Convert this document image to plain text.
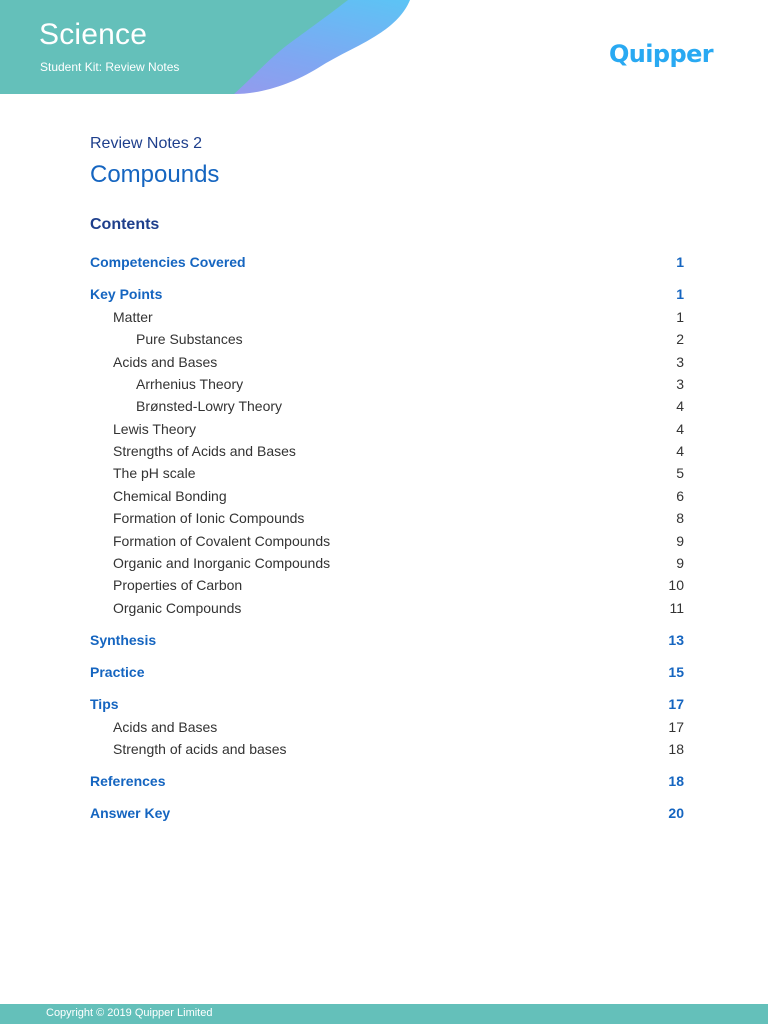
Science
Student Kit: Review Notes	Quipper
Review Notes 2
Compounds
Contents
Competencies Covered	1
Key Points	1
Matter	1
Pure Substances	2
Acids and Bases	3
Arrhenius Theory	3
Brønsted-Lowry Theory	4
Lewis Theory	4
Strengths of Acids and Bases	4
The pH scale	5
Chemical Bonding	6
Formation of Ionic Compounds	8
Formation of Covalent Compounds	9
Organic and Inorganic Compounds	9
Properties of Carbon	10
Organic Compounds	11
Synthesis	13
Practice	15
Tips	17
Acids and Bases	17
Strength of acids and bases	18
References	18
Answer Key	20
Copyright © 2019 Quipper Limited
